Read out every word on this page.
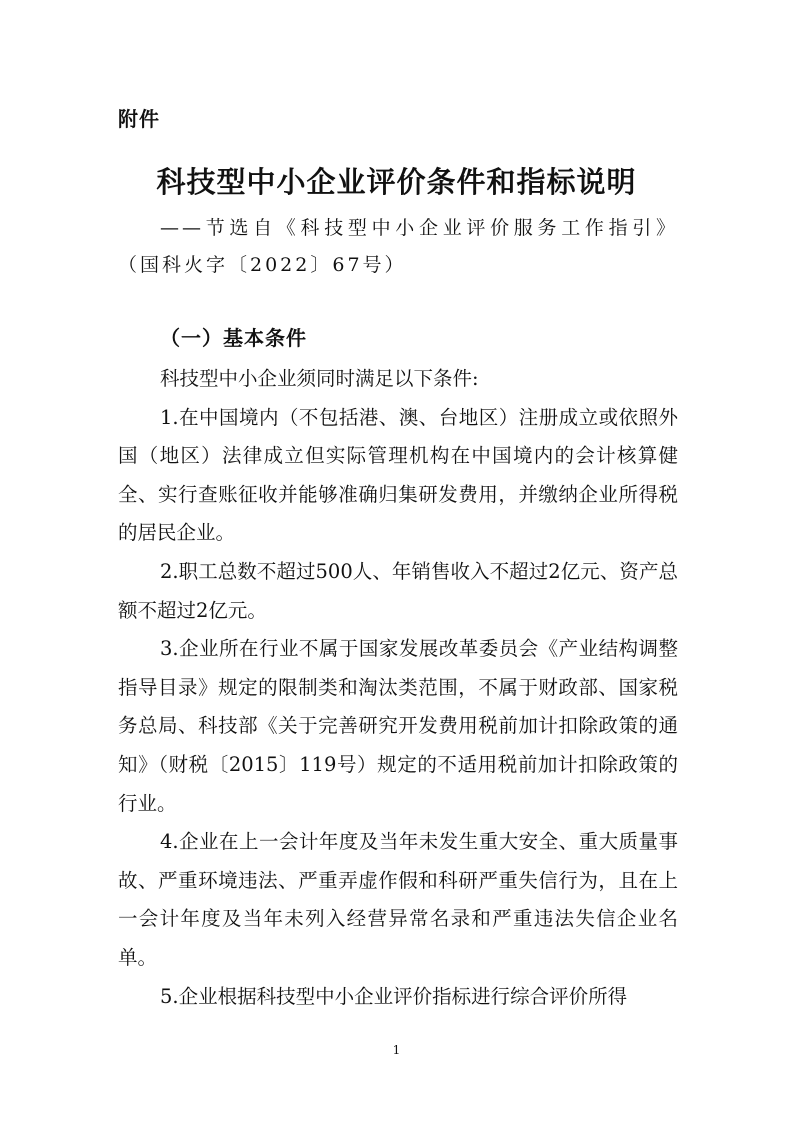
附件
科技型中小企业评价条件和指标说明
——节选自《科技型中小企业评价服务工作指引》（国科火字〔2022〕67号）
（一）基本条件

科技型中小企业须同时满足以下条件:

1.在中国境内（不包括港、澳、台地区）注册成立或依照外国（地区）法律成立但实际管理机构在中国境内的会计核算健全、实行查账征收并能够准确归集研发费用，并缴纳企业所得税的居民企业。

2.职工总数不超过500人、年销售收入不超过2亿元、资产总额不超过2亿元。

3.企业所在行业不属于国家发展改革委员会《产业结构调整指导目录》规定的限制类和淘汰类范围，不属于财政部、国家税务总局、科技部《关于完善研究开发费用税前加计扣除政策的通知》（财税〔2015〕119号）规定的不适用税前加计扣除政策的行业。

4.企业在上一会计年度及当年未发生重大安全、重大质量事故、严重环境违法、严重弄虚作假和科研严重失信行为，且在上一会计年度及当年未列入经营异常名录和严重违法失信企业名单。

5.企业根据科技型中小企业评价指标进行综合评价所得

1
